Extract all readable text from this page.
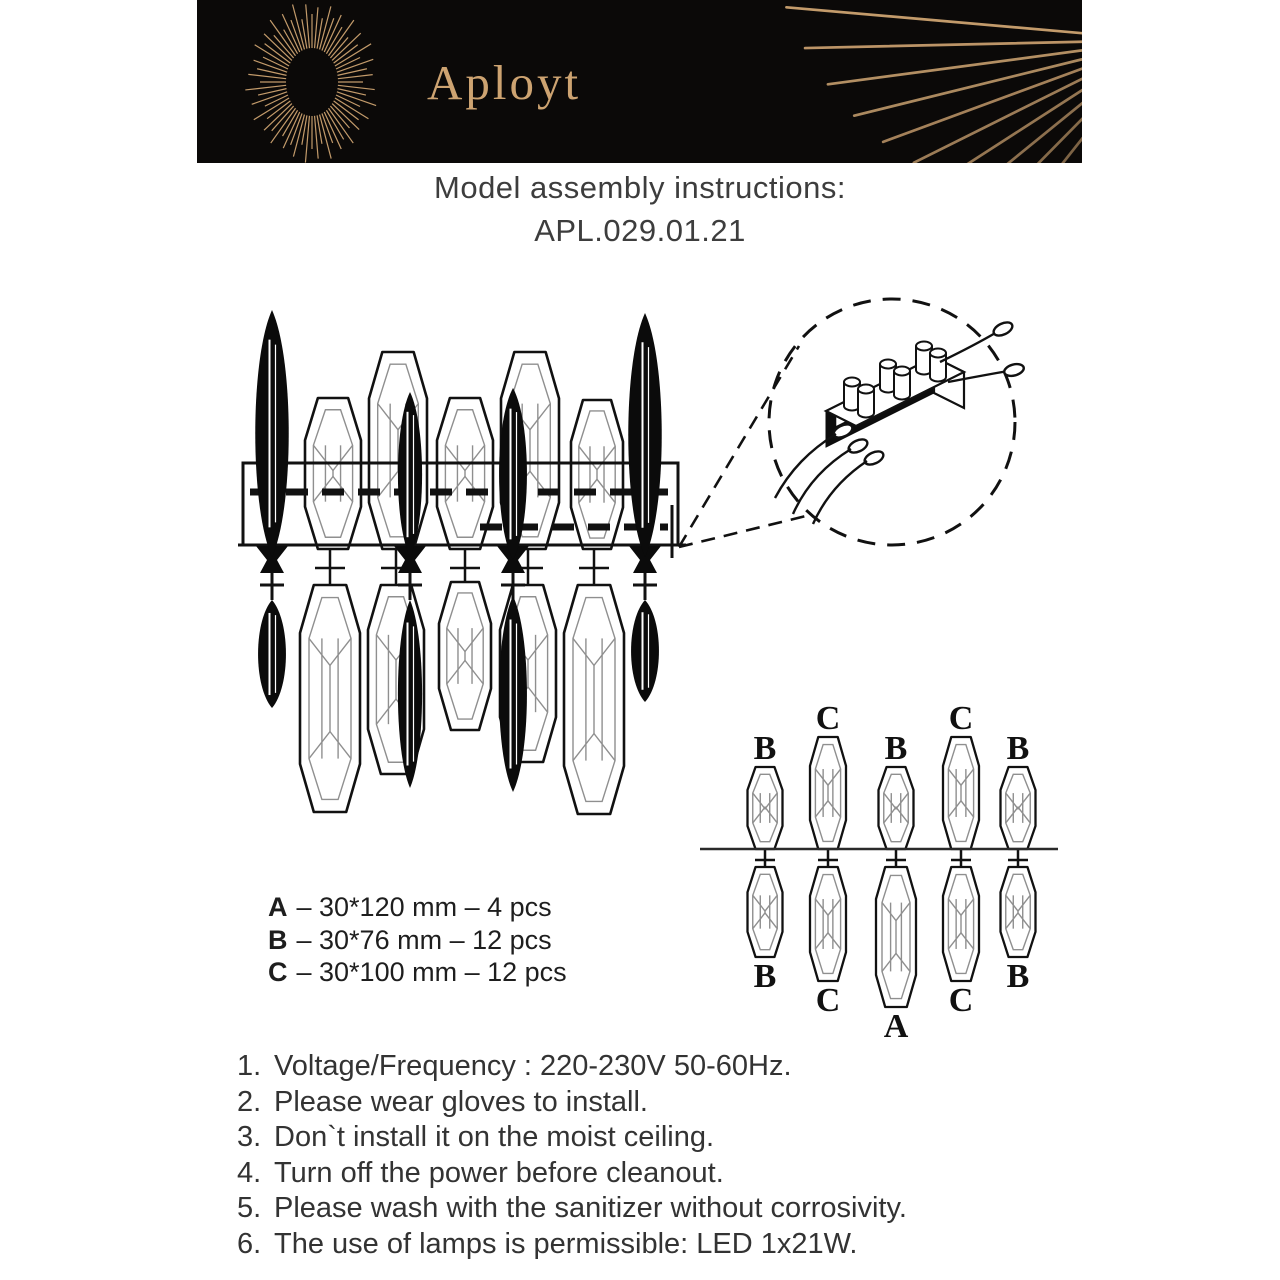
Aployt
Model assembly instructions:
APL.029.01.21
B
C
B
C
B
B
C
A
C
B
A – 30*120 mm – 4 pcs
B – 30*76 mm – 12 pcs
C – 30*100 mm – 12 pcs
1. Voltage/Frequency : 220-230V 50-60Hz.
2. Please wear gloves to install.
3. Don`t install it on the moist ceiling.
4. Turn off the power before cleanout.
5. Please wash with the sanitizer without corrosivity.
6. The use of lamps is permissible: LED 1x21W.
